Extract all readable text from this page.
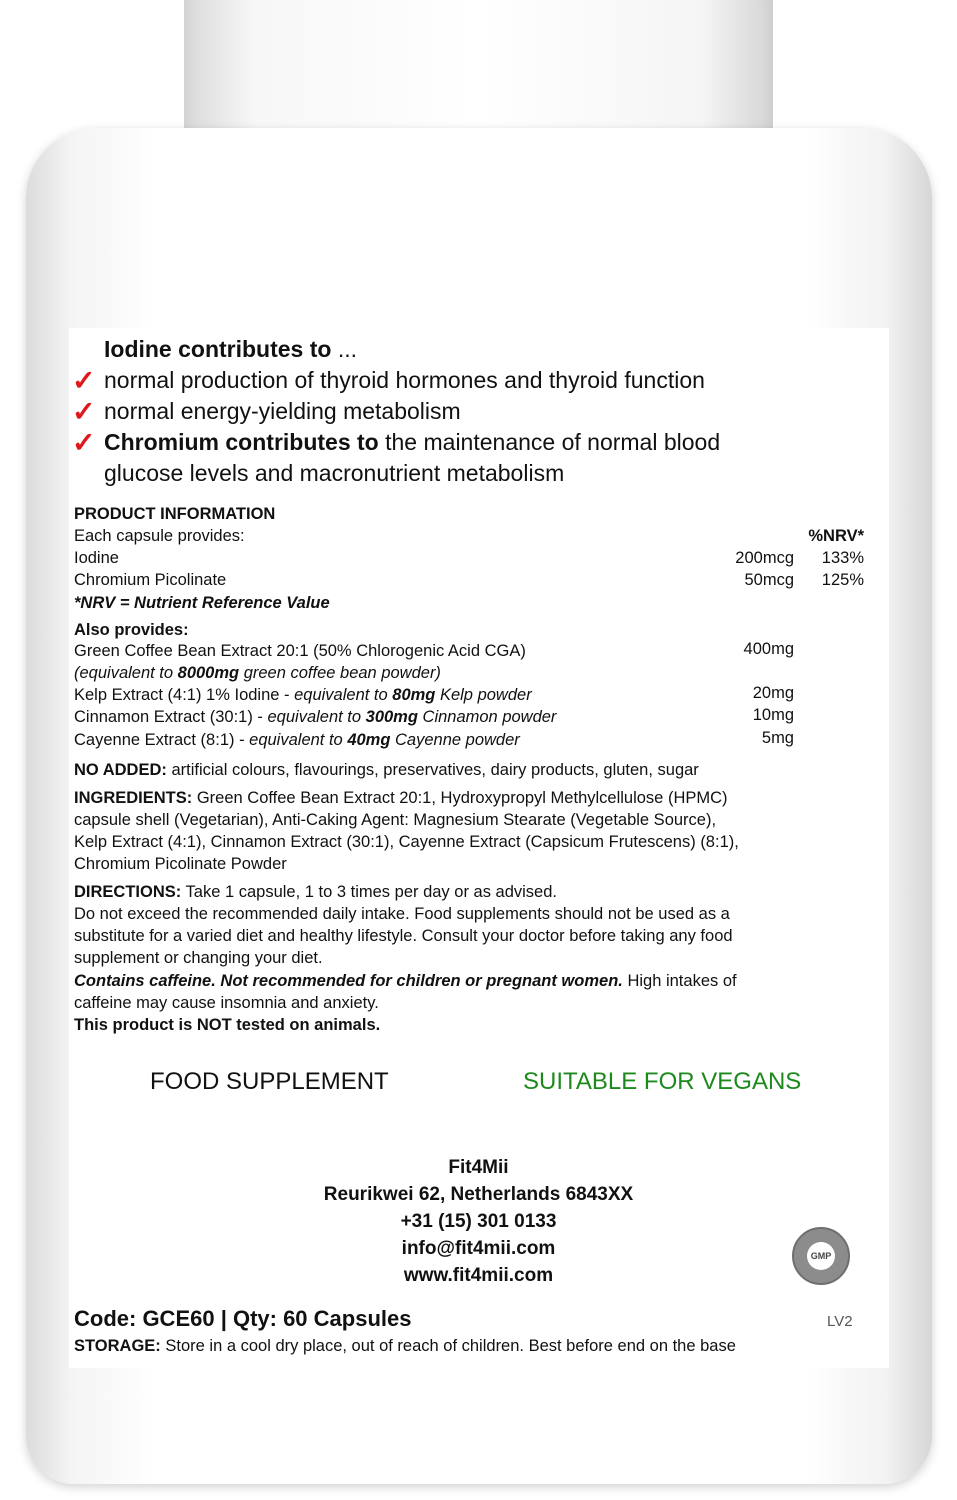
Iodine contributes to ...
✓ normal production of thyroid hormones and thyroid function
✓ normal energy-yielding metabolism
✓ Chromium contributes to the maintenance of normal blood
glucose levels and macronutrient metabolism
PRODUCT INFORMATION
Each capsule provides:	%NRV*
Iodine	200mcg 133%
Chromium Picolinate	50mcg 125%
*NRV = Nutrient Reference Value
Also provides:
Green Coffee Bean Extract 20:1 (50% Chlorogenic Acid CGA)	400mg
(equivalent to 8000mg green coffee bean powder)
Kelp Extract (4:1) 1% Iodine - equivalent to 80mg Kelp powder	20mg
Cinnamon Extract (30:1) - equivalent to 300mg Cinnamon powder	10mg
Cayenne Extract (8:1) - equivalent to 40mg Cayenne powder	5mg
NO ADDED: artificial colours, flavourings, preservatives, dairy products, gluten, sugar
INGREDIENTS: Green Coffee Bean Extract 20:1, Hydroxypropyl Methylcellulose (HPMC)
capsule shell (Vegetarian), Anti-Caking Agent: Magnesium Stearate (Vegetable Source),
Kelp Extract (4:1), Cinnamon Extract (30:1), Cayenne Extract (Capsicum Frutescens) (8:1),
Chromium Picolinate Powder
DIRECTIONS: Take 1 capsule, 1 to 3 times per day or as advised.
Do not exceed the recommended daily intake. Food supplements should not be used as a
substitute for a varied diet and healthy lifestyle. Consult your doctor before taking any food
supplement or changing your diet.
Contains caffeine. Not recommended for children or pregnant women. High intakes of
caffeine may cause insomnia and anxiety.
This product is NOT tested on animals.
FOOD SUPPLEMENT	SUITABLE FOR VEGANS
Fit4Mii
Reurikwei 62, Netherlands 6843XX
+31 (15) 301 0133
info@fit4mii.com
www.fit4mii.com
GMP
Code: GCE60 | Qty: 60 Capsules	LV2
STORAGE: Store in a cool dry place, out of reach of children. Best before end on the base
